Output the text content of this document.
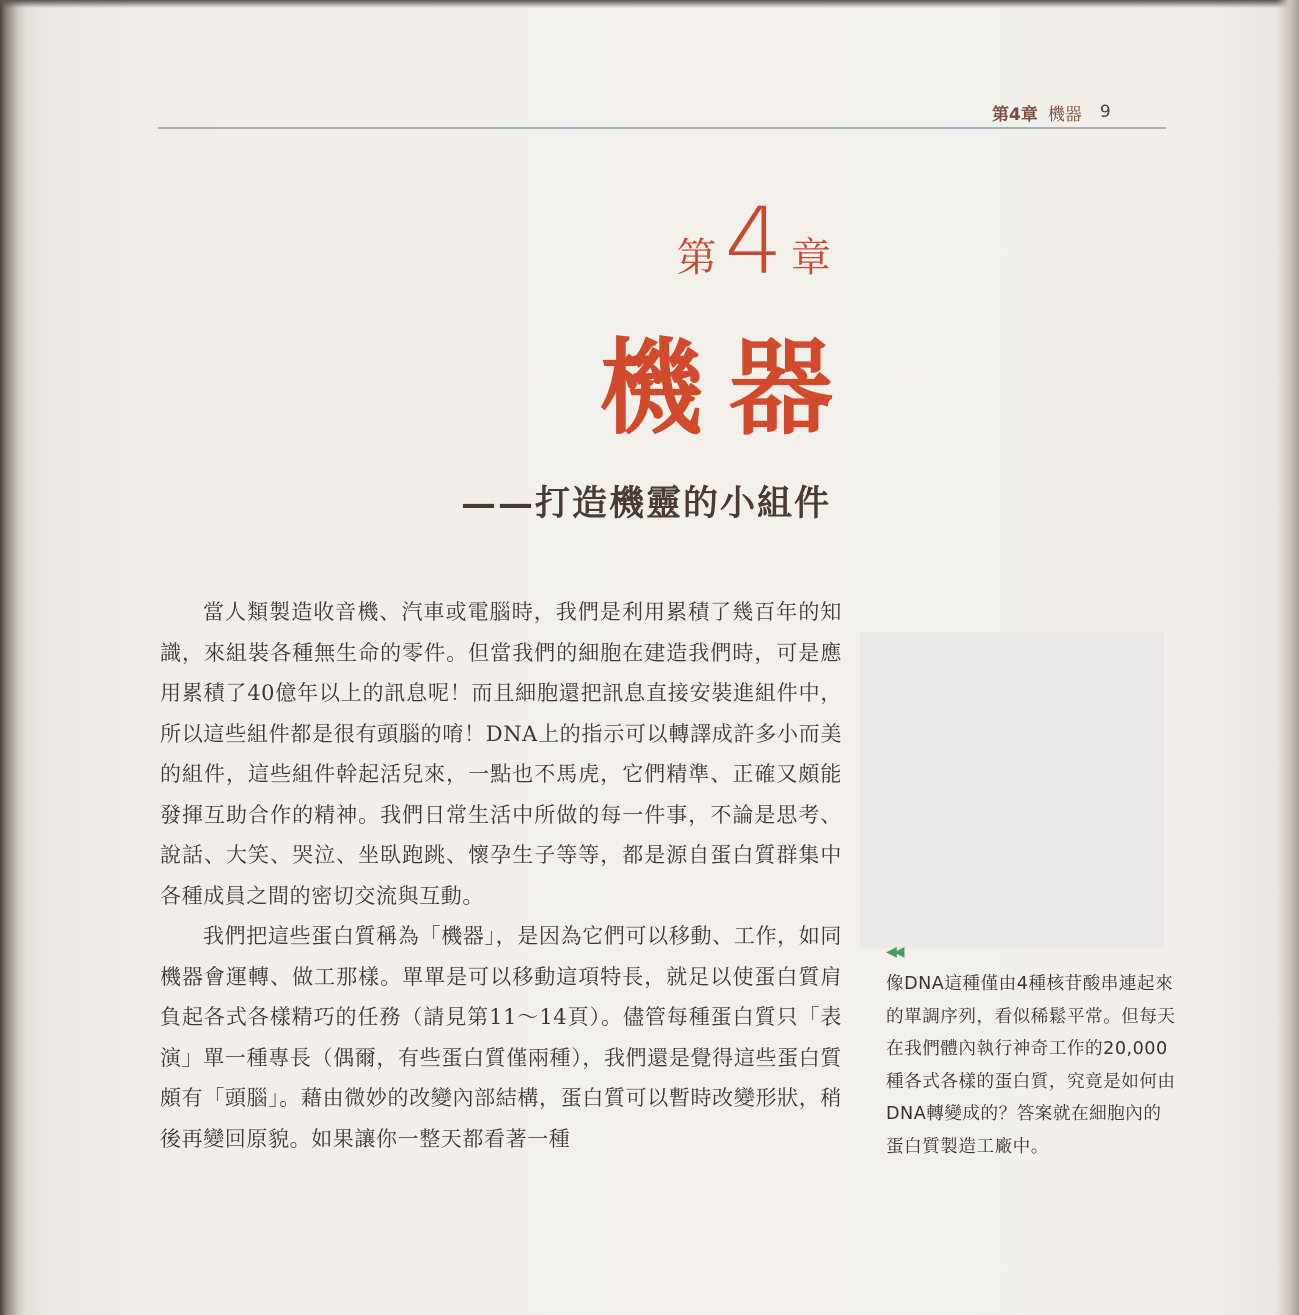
第4章 機器 9
第 4 章
機器
——打造機靈的小組件

當人類製造收音機、汽車或電腦時，我們是利用累積了幾百年的知識，來組裝各種無生命的零件。但當我們的細胞在建造我們時，可是應用累積了40億年以上的訊息呢！而且細胞還把訊息直接安裝進組件中，所以這些組件都是很有頭腦的唷！DNA上的指示可以轉譯成許多小而美的組件，這些組件幹起活兒來，一點也不馬虎，它們精準、正確又頗能發揮互助合作的精神。我們日常生活中所做的每一件事，不論是思考、說話、大笑、哭泣、坐臥跑跳、懷孕生子等等，都是源自蛋白質群集中各種成員之間的密切交流與互動。

我們把這些蛋白質稱為「機器」，是因為它們可以移動、工作，如同機器會運轉、做工那樣。單單是可以移動這項特長，就足以使蛋白質肩負起各式各樣精巧的任務（請見第11～14頁）。儘管每種蛋白質只「表演」單一種專長（偶爾，有些蛋白質僅兩種），我們還是覺得這些蛋白質頗有「頭腦」。藉由微妙的改變內部結構，蛋白質可以暫時改變形狀，稍後再變回原貌。如果讓你一整天都看著一種

◀◀
像DNA這種僅由4種核苷酸串連起來的單調序列，看似稀鬆平常。但每天在我們體內執行神奇工作的20,000種各式各樣的蛋白質，究竟是如何由DNA轉變成的？答案就在細胞內的蛋白質製造工廠中。
